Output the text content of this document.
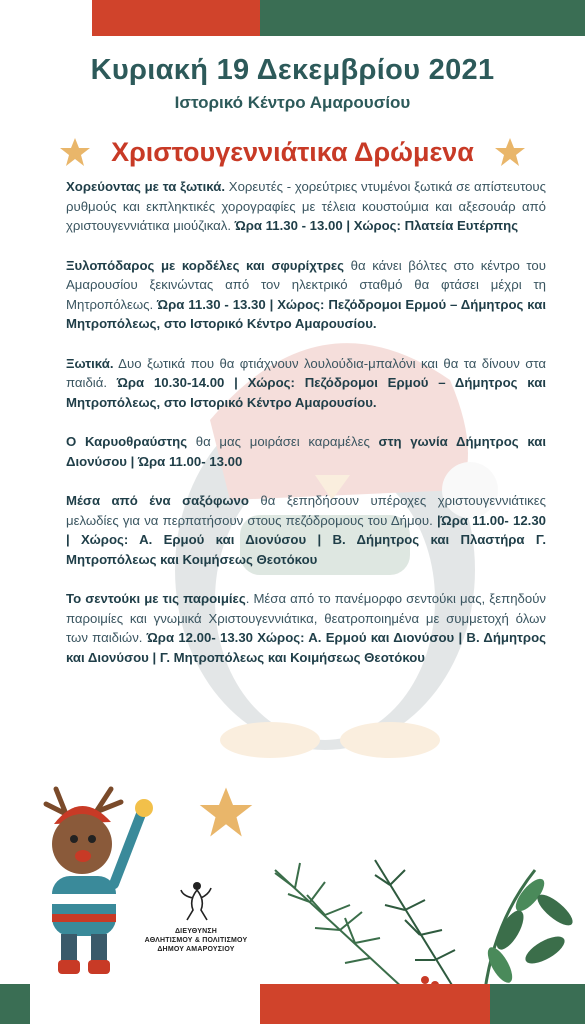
Κυριακή 19 Δεκεμβρίου 2021
Ιστορικό Κέντρο Αμαρουσίου
Χριστουγεννιάτικα Δρώμενα

Χορεύοντας με τα ξωτικά. Χορευτές - χορεύτριες ντυμένοι ξωτικά σε απίστευτους ρυθμούς και εκπληκτικές χορογραφίες με τέλεια κουστούμια και αξεσουάρ από χριστουγεννιάτικα μιούζικαλ. Ώρα 11.30 - 13.00 | Χώρος: Πλατεία Ευτέρπης

Ξυλοπόδαρος με κορδέλες και σφυρίχτρες θα κάνει βόλτες στο κέντρο του Αμαρουσίου ξεκινώντας από τον ηλεκτρικό σταθμό θα φτάσει μέχρι τη Μητροπόλεως. Ώρα 11.30 - 13.30 | Χώρος: Πεζόδρομοι Ερμού – Δήμητρος και Μητροπόλεως, στο Ιστορικό Κέντρο Αμαρουσίου.

Ξωτικά. Δυο ξωτικά που θα φτιάχνουν λουλούδια-μπαλόνι και θα τα δίνουν στα παιδιά. Ώρα 10.30-14.00 | Χώρος: Πεζόδρομοι Ερμού – Δήμητρος και Μητροπόλεως, στο Ιστορικό Κέντρο Αμαρουσίου.

Ο Καρυοθραύστης θα μας μοιράσει καραμέλες στη γωνία Δήμητρος και Διονύσου | Ώρα 11.00- 13.00

Μέσα από ένα σαξόφωνο θα ξεπηδήσουν υπέροχες χριστουγεννιάτικες μελωδίες για να περπατήσουν στους πεζόδρομους του Δήμου. |Ώρα 11.00- 12.30 | Χώρος: Α. Ερμού και Διονύσου | Β. Δήμητρος και Πλαστήρα Γ. Μητροπόλεως και Κοιμήσεως Θεοτόκου

Το σεντούκι με τις παροιμίες. Μέσα από το πανέμορφο σεντούκι μας, ξεπηδούν παροιμίες και γνωμικά Χριστουγεννιάτικα, θεατροποιημένα με συμμετοχή όλων των παιδιών. Ώρα 12.00- 13.30 Χώρος: Α. Ερμού και Διονύσου | Β. Δήμητρος και Διονύσου | Γ. Μητροπόλεως και Κοιμήσεως Θεοτόκου

ΔΙΕΥΘΥΝΣΗ
ΑΘΛΗΤΙΣΜΟΥ & ΠΟΛΙΤΙΣΜΟΥ
ΔΗΜΟΥ ΑΜΑΡΟΥΣΙΟΥ
